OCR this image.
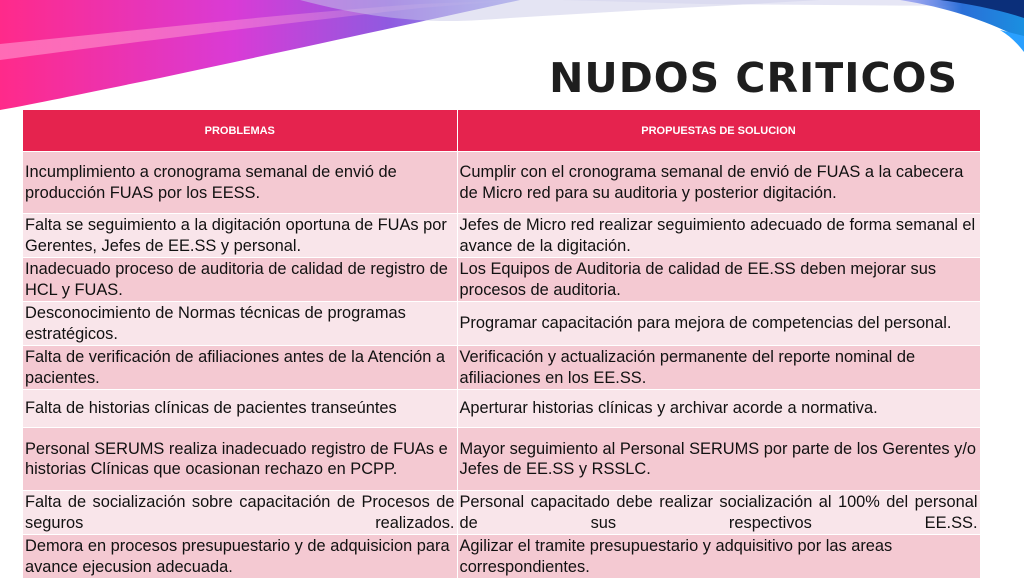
NUDOS CRITICOS
PROBLEMAS	PROPUESTAS DE SOLUCION
Incumplimiento a cronograma semanal de envió de producción FUAS por los EESS.	Cumplir con el cronograma semanal de envió de FUAS a la cabecera de Micro red para su auditoria y posterior digitación.
Falta se seguimiento a la digitación oportuna de FUAs por Gerentes, Jefes de EE.SS y personal.	Jefes de Micro red realizar seguimiento adecuado de forma semanal el avance de la digitación.
Inadecuado proceso de auditoria de calidad de registro de HCL y FUAS.	Los Equipos de Auditoria de calidad de EE.SS deben mejorar sus procesos de auditoria.
Desconocimiento de Normas técnicas de programas estratégicos.	Programar capacitación para mejora de competencias del personal.
Falta de verificación de afiliaciones antes de la Atención a pacientes.	Verificación y actualización permanente del reporte nominal de afiliaciones en los EE.SS.
Falta de historias clínicas de pacientes transeúntes	Aperturar historias clínicas y archivar acorde a normativa.
Personal SERUMS realiza inadecuado registro de FUAs e historias Clínicas que ocasionan rechazo en PCPP.	Mayor seguimiento al Personal SERUMS por parte de los Gerentes y/o Jefes de EE.SS y RSSLC.
Falta de socialización sobre capacitación de Procesos de seguros realizados.	Personal capacitado debe realizar socialización al 100% del personal de sus respectivos EE.SS.
Demora en procesos presupuestario y de adquisicion para avance ejecusion adecuada.	Agilizar el tramite presupuestario y adquisitivo por las areas correspondientes.
